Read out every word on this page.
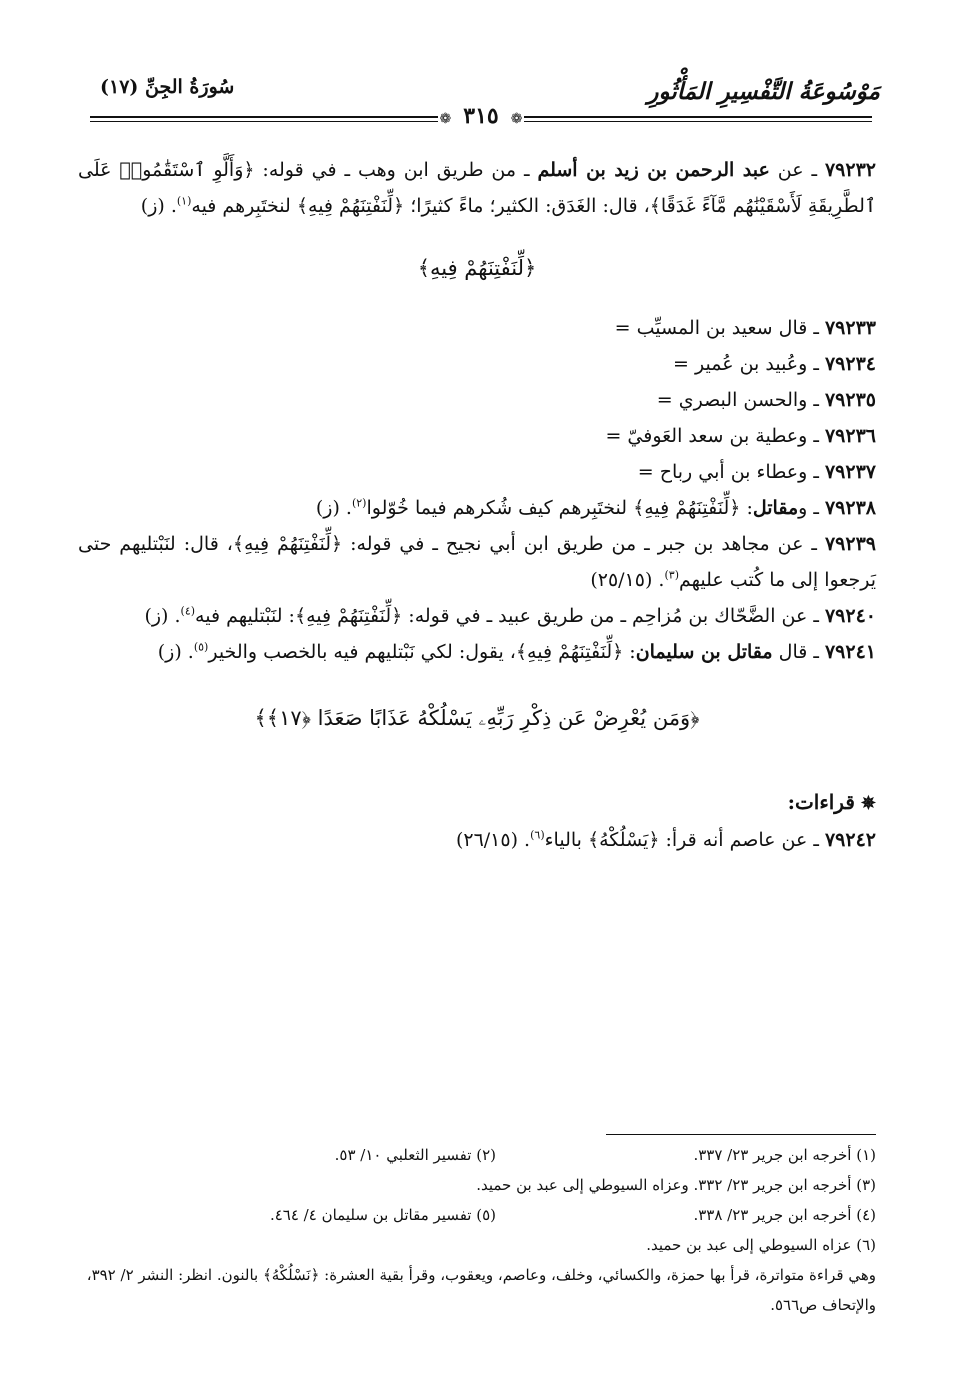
مَوْسُوعَةُ التَّفْسِيرِ المَأْثُورِ
سُورَةُ الجِنِّ (١٧)
❁٣١٥❁

٧٩٢٣٢ ـ عن عبد الرحمن بن زيد بن أسلم ـ من طريق ابن وهب ـ في قوله: ﴿وَأَلَّوِ ٱسْتَقَٰمُوا۟ عَلَى ٱلطَّرِيقَةِ لَأَسْقَيْنَٰهُم مَّآءً غَدَقًا﴾، قال: الغَدَق: الكثير؛ ماءً كثيرًا؛ ﴿لِّنَفْتِنَهُمْ فِيهِ﴾ لنختَبِرهم فيه$^{(١)}$. (ز)

﴿لِّنَفْتِنَهُمْ فِيهِ﴾

٧٩٢٣٣ ـ قال سعيد بن المسيِّب =

٧٩٢٣٤ ـ وعُبيد بن عُمير =

٧٩٢٣٥ ـ والحسن البصري =

٧٩٢٣٦ ـ وعطية بن سعد العَوفيّ =

٧٩٢٣٧ ـ وعطاء بن أبي رباح =

٧٩٢٣٨ ـ ومقاتل: ﴿لِّنَفْتِنَهُمْ فِيهِ﴾ لنختَبِرهم كيف شُكرهم فيما خُوّلوا$^{(٢)}$. (ز)

٧٩٢٣٩ ـ عن مجاهد بن جبر ـ من طريق ابن أبي نجيح ـ في قوله: ﴿لِّنَفْتِنَهُمْ فِيهِ﴾، قال: لنَبْتليهم حتى يَرجعوا إلى ما كُتب عليهم$^{(٣)}$. (٢٥/١٥)

٧٩٢٤٠ ـ عن الضَّحّاك بن مُزاحِم ـ من طريق عبيد ـ في قوله: ﴿لِّنَفْتِنَهُمْ فِيهِ﴾: لنَبْتليهم فيه$^{(٤)}$. (ز)

٧٩٢٤١ ـ قال مقاتل بن سليمان: ﴿لِّنَفْتِنَهُمْ فِيهِ﴾، يقول: لكي نَبْتليهم فيه بالخصب والخير$^{(٥)}$. (ز)

﴿وَمَن يُعْرِضْ عَن ذِكْرِ رَبِّهِۦ يَسْلُكْهُ عَذَابًا صَعَدًا ﴿١٧﴾﴾
✵قراءات:

٧٩٢٤٢ ـ عن عاصم أنه قرأ: ﴿يَسْلُكْهُ﴾ بالياء$^{(٦)}$. (٢٦/١٥)

(١) أخرجه ابن جرير ٢٣/ ٣٣٧.
(٢) تفسير الثعلبي ١٠/ ٥٣.
(٣) أخرجه ابن جرير ٢٣/ ٣٣٢. وعزاه السيوطي إلى عبد بن حميد.
(٤) أخرجه ابن جرير ٢٣/ ٣٣٨.
(٥) تفسير مقاتل بن سليمان ٤/ ٤٦٤.
(٦) عزاه السيوطي إلى عبد بن حميد.
وهي قراءة متواترة، قرأ بها حمزة، والكسائي، وخلف، وعاصم، ويعقوب، وقرأ بقية العشرة: ﴿نَسْلُكْهُ﴾ بالنون. انظر: النشر ٢/ ٣٩٢، والإتحاف ص٥٦٦.
